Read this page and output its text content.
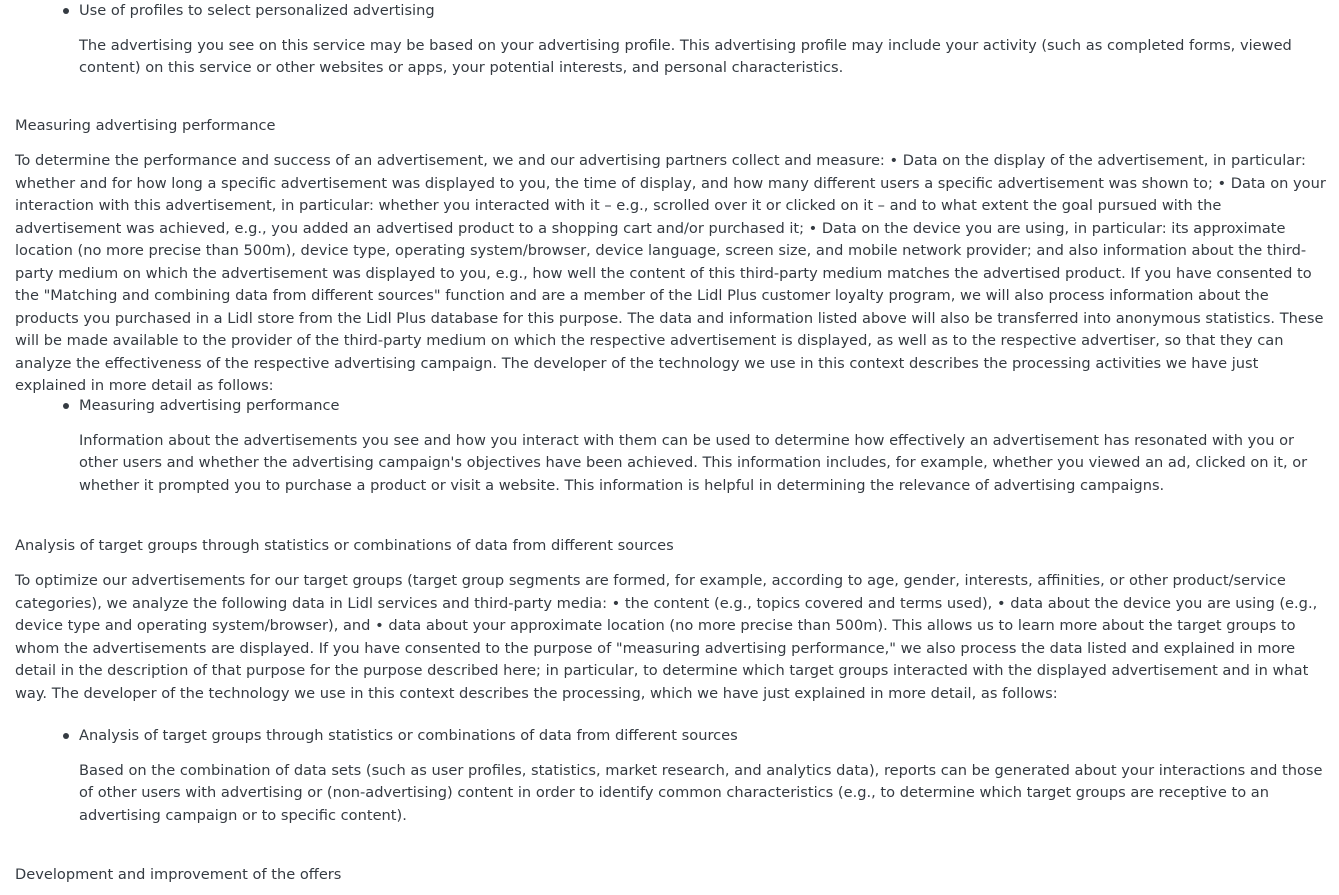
Use of profiles to select personalized advertising

The advertising you see on this service may be based on your advertising profile. This advertising profile may include your activity (such as completed forms, viewed content) on this service or other websites or apps, your potential interests, and personal characteristics.

Measuring advertising performance

To determine the performance and success of an advertisement, we and our advertising partners collect and measure: • Data on the display of the advertisement, in particular: whether and for how long a specific advertisement was displayed to you, the time of display, and how many different users a specific advertisement was shown to; • Data on your interaction with this advertisement, in particular: whether you interacted with it – e.g., scrolled over it or clicked on it – and to what extent the goal pursued with the advertisement was achieved, e.g., you added an advertised product to a shopping cart and/or purchased it; • Data on the device you are using, in particular: its approximate location (no more precise than 500m), device type, operating system/browser, device language, screen size, and mobile network provider; and also information about the third-party medium on which the advertisement was displayed to you, e.g., how well the content of this third-party medium matches the advertised product. If you have consented to the "Matching and combining data from different sources" function and are a member of the Lidl Plus customer loyalty program, we will also process information about the products you purchased in a Lidl store from the Lidl Plus database for this purpose. The data and information listed above will also be transferred into anonymous statistics. These will be made available to the provider of the third-party medium on which the respective advertisement is displayed, as well as to the respective advertiser, so that they can analyze the effectiveness of the respective advertising campaign. The developer of the technology we use in this context describes the processing activities we have just explained in more detail as follows:

Measuring advertising performance

Information about the advertisements you see and how you interact with them can be used to determine how effectively an advertisement has resonated with you or other users and whether the advertising campaign's objectives have been achieved. This information includes, for example, whether you viewed an ad, clicked on it, or whether it prompted you to purchase a product or visit a website. This information is helpful in determining the relevance of advertising campaigns.

Analysis of target groups through statistics or combinations of data from different sources

To optimize our advertisements for our target groups (target group segments are formed, for example, according to age, gender, interests, affinities, or other product/service categories), we analyze the following data in Lidl services and third-party media: • the content (e.g., topics covered and terms used), • data about the device you are using (e.g., device type and operating system/browser), and • data about your approximate location (no more precise than 500m). This allows us to learn more about the target groups to whom the advertisements are displayed. If you have consented to the purpose of "measuring advertising performance," we also process the data listed and explained in more detail in the description of that purpose for the purpose described here; in particular, to determine which target groups interacted with the displayed advertisement and in what way. The developer of the technology we use in this context describes the processing, which we have just explained in more detail, as follows:

Analysis of target groups through statistics or combinations of data from different sources

Based on the combination of data sets (such as user profiles, statistics, market research, and analytics data), reports can be generated about your interactions and those of other users with advertising or (non-advertising) content in order to identify common characteristics (e.g., to determine which target groups are receptive to an advertising campaign or to specific content).

Development and improvement of the offers
